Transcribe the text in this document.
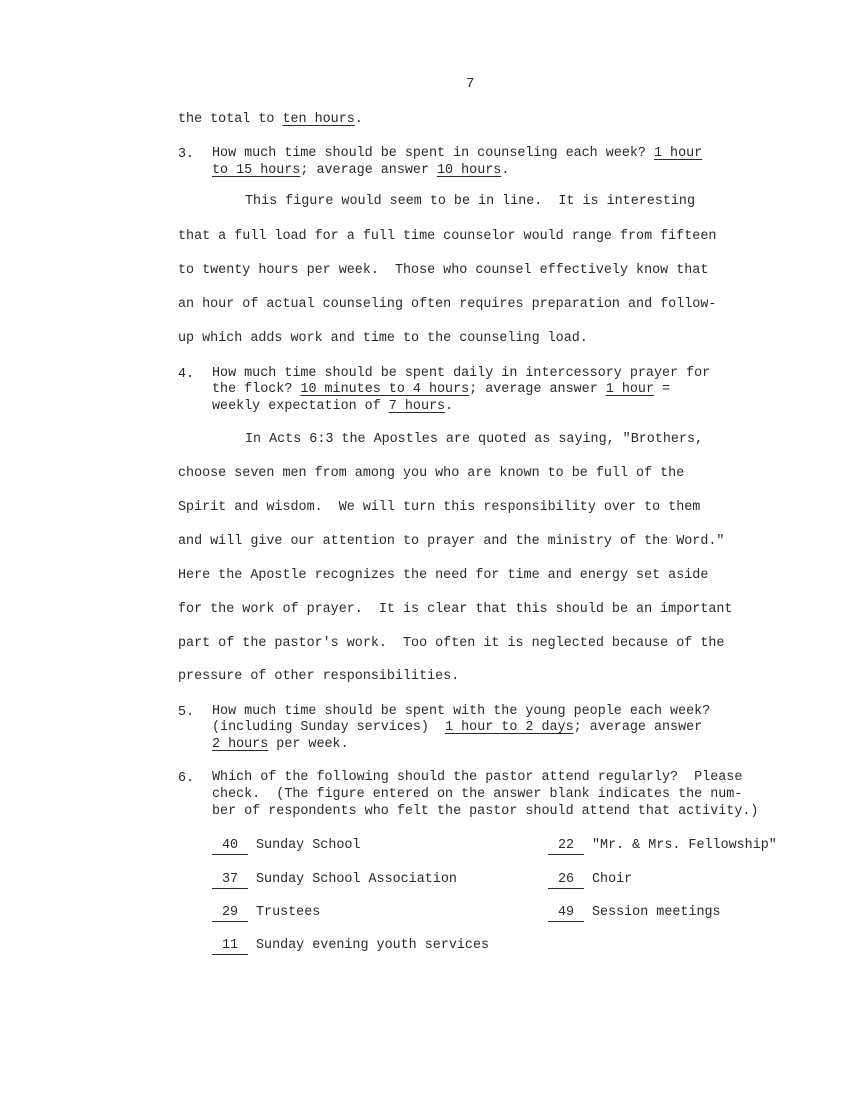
7
the total to ten hours.
3. How much time should be spent in counseling each week? 1 hour
to 15 hours; average answer 10 hours.
This figure would seem to be in line.  It is interesting
that a full load for a full time counselor would range from fifteen
to twenty hours per week.  Those who counsel effectively know that
an hour of actual counseling often requires preparation and follow-
up which adds work and time to the counseling load.
4. How much time should be spent daily in intercessory prayer for
the flock? 10 minutes to 4 hours; average answer 1 hour =
weekly expectation of 7 hours.
In Acts 6:3 the Apostles are quoted as saying, "Brothers,
choose seven men from among you who are known to be full of the
Spirit and wisdom.  We will turn this responsibility over to them
and will give our attention to prayer and the ministry of the Word."
Here the Apostle recognizes the need for time and energy set aside
for the work of prayer.  It is clear that this should be an important
part of the pastor's work.  Too often it is neglected because of the
pressure of other responsibilities.
5. How much time should be spent with the young people each week?
(including Sunday services)  1 hour to 2 days; average answer
2 hours per week.
6. Which of the following should the pastor attend regularly?  Please
check.  (The figure entered on the answer blank indicates the num-
ber of respondents who felt the pastor should attend that activity.)
40 Sunday School	22 "Mr. & Mrs. Fellowship"
37 Sunday School Association	26 Choir
29 Trustees	49 Session meetings
11 Sunday evening youth services
